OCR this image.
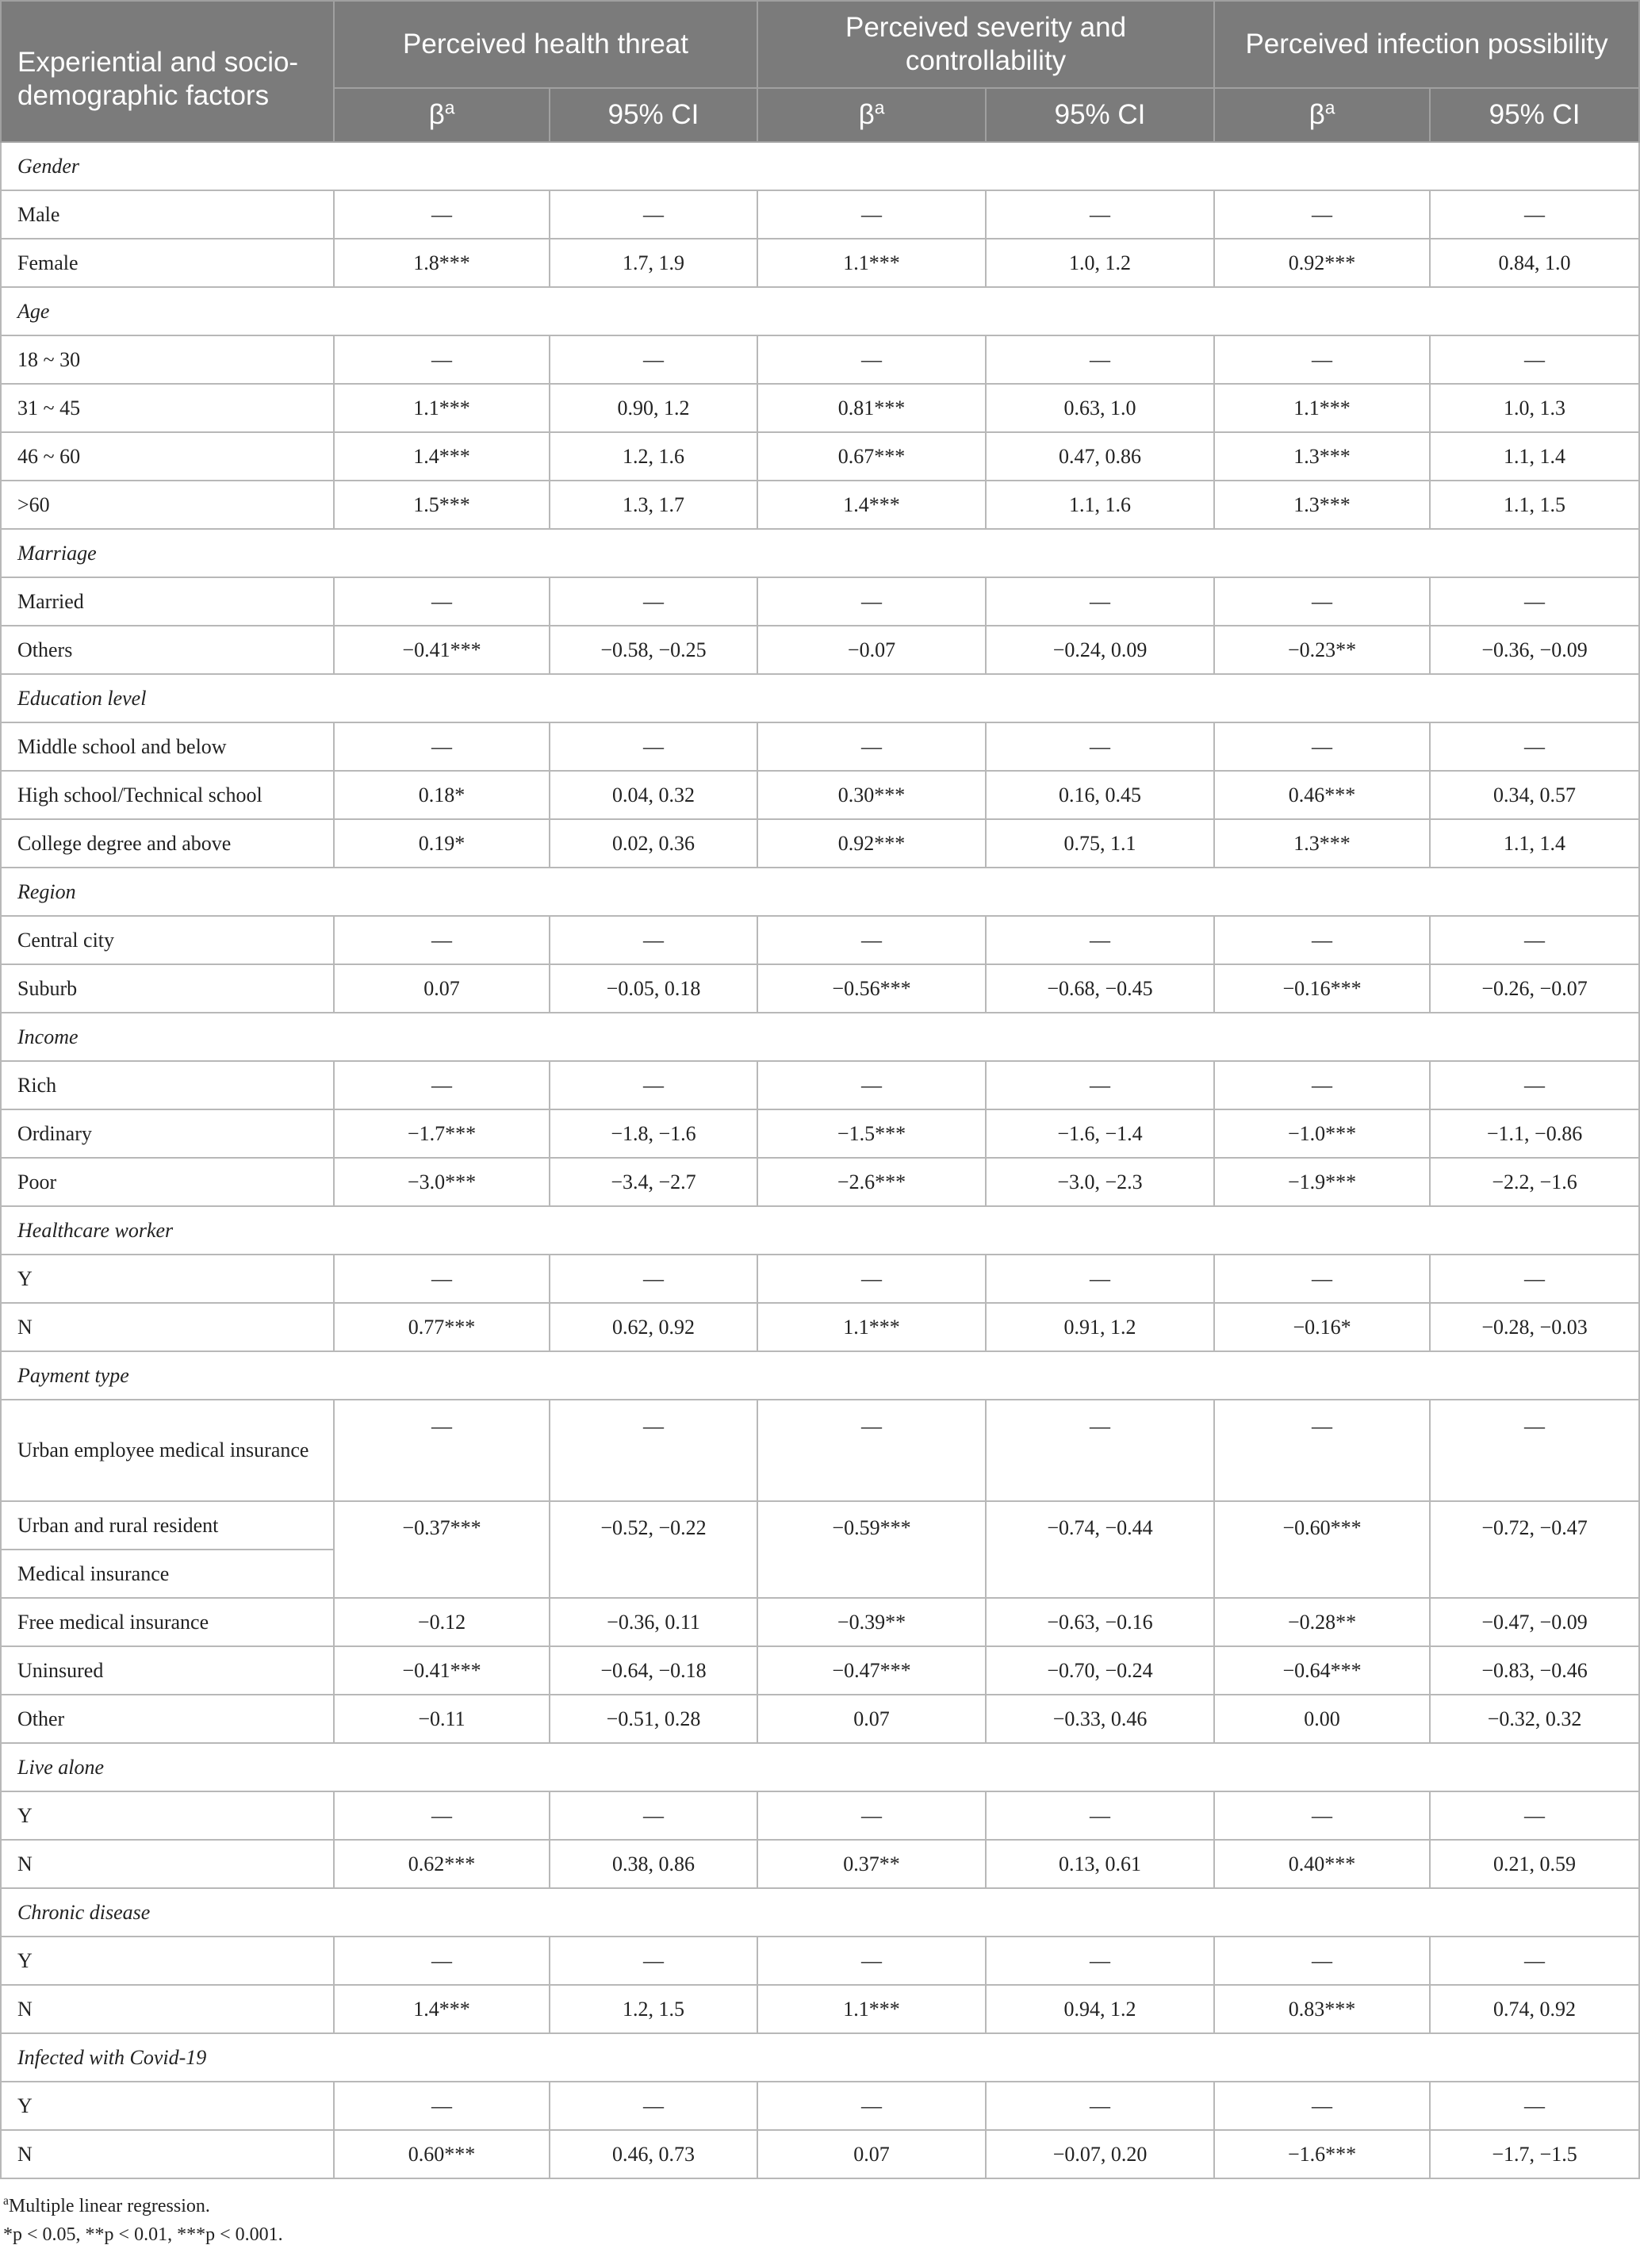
Experiential and socio-demographic factors	Perceived health threat		Perceived severity and controllability		Perceived infection possibility	
	$\beta^a$	95% CI	$\beta^a$	95% CI	$\beta^a$	95% CI
Gender						
Male	—	—	—	—	—	—
Female	1.8***	1.7, 1.9	1.1***	1.0, 1.2	0.92***	0.84, 1.0
Age						
18 ~ 30	—	—	—	—	—	—
31 ~ 45	1.1***	0.90, 1.2	0.81***	0.63, 1.0	1.1***	1.0, 1.3
46 ~ 60	1.4***	1.2, 1.6	0.67***	0.47, 0.86	1.3***	1.1, 1.4
>60	1.5***	1.3, 1.7	1.4***	1.1, 1.6	1.3***	1.1, 1.5
Marriage						
Married	—	—	—	—	—	—
Others	−0.41***	−0.58, −0.25	−0.07	−0.24, 0.09	−0.23**	−0.36, −0.09
Education level						
Middle school and below	—	—	—	—	—	—
High school/Technical school	0.18*	0.04, 0.32	0.30***	0.16, 0.45	0.46***	0.34, 0.57
College degree and above	0.19*	0.02, 0.36	0.92***	0.75, 1.1	1.3***	1.1, 1.4
Region						
Central city	—	—	—	—	—	—
Suburb	0.07	−0.05, 0.18	−0.56***	−0.68, −0.45	−0.16***	−0.26, −0.07
Income						
Rich	—	—	—	—	—	—
Ordinary	−1.7***	−1.8, −1.6	−1.5***	−1.6, −1.4	−1.0***	−1.1, −0.86
Poor	−3.0***	−3.4, −2.7	−2.6***	−3.0, −2.3	−1.9***	−2.2, −1.6
Healthcare worker						
Y	—	—	—	—	—	—
N	0.77***	0.62, 0.92	1.1***	0.91, 1.2	−0.16*	−0.28, −0.03
Payment type						
Urban employee medical insurance	—	—	—	—	—	—
Urban and rural resident	−0.37***	−0.52, −0.22	−0.59***	−0.74, −0.44	−0.60***	−0.72, −0.47
Medical insurance						
Free medical insurance	−0.12	−0.36, 0.11	−0.39**	−0.63, −0.16	−0.28**	−0.47, −0.09
Uninsured	−0.41***	−0.64, −0.18	−0.47***	−0.70, −0.24	−0.64***	−0.83, −0.46
Other	−0.11	−0.51, 0.28	0.07	−0.33, 0.46	0.00	−0.32, 0.32
Live alone						
Y	—	—	—	—	—	—
N	0.62***	0.38, 0.86	0.37**	0.13, 0.61	0.40***	0.21, 0.59
Chronic disease						
Y	—	—	—	—	—	—
N	1.4***	1.2, 1.5	1.1***	0.94, 1.2	0.83***	0.74, 0.92
Infected with Covid-19						
Y	—	—	—	—	—	—
N	0.60***	0.46, 0.73	0.07	−0.07, 0.20	−1.6***	−1.7, −1.5
$^a$Multiple linear regression.
*p < 0.05, **p < 0.01, ***p < 0.001.
